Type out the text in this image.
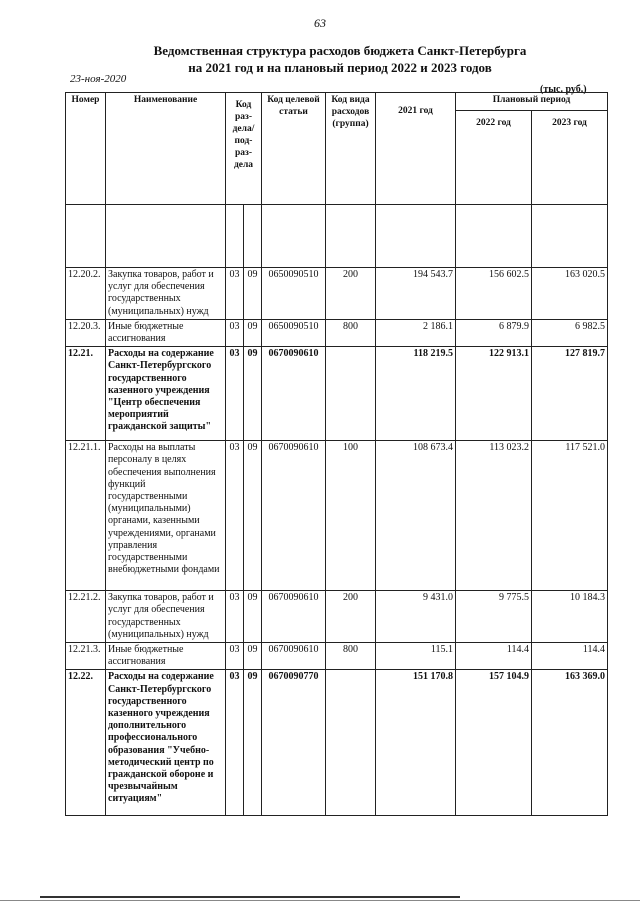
63
Ведомственная структура расходов бюджета Санкт-Петербурга
на 2021 год и на плановый период 2022 и 2023 годов
23-ноя-2020
(тыс. руб.)
Номер	Наименование	Код раз-дела/ под-раз-дела		Код целевой статьи	Код вида расходов (группа)	2021 год	Плановый период	
							2022 год	2023 год

12.20.2.	Закупка товаров, работ и услуг для обеспечения государственных (муниципальных) нужд	03	09	0650090510	200	194 543.7	156 602.5	163 020.5
12.20.3.	Иные бюджетные ассигнования	03	09	0650090510	800	2 186.1	6 879.9	6 982.5
12.21.	Расходы на содержание Санкт-Петербургского государственного казенного учреждения "Центр обеспечения мероприятий гражданской защиты"	03	09	0670090610		118 219.5	122 913.1	127 819.7
12.21.1.	Расходы на выплаты персоналу в целях обеспечения выполнения функций государственными (муниципальными) органами, казенными учреждениями, органами управления государственными внебюджетными фондами	03	09	0670090610	100	108 673.4	113 023.2	117 521.0
12.21.2.	Закупка товаров, работ и услуг для обеспечения государственных (муниципальных) нужд	03	09	0670090610	200	9 431.0	9 775.5	10 184.3
12.21.3.	Иные бюджетные ассигнования	03	09	0670090610	800	115.1	114.4	114.4
12.22.	Расходы на содержание Санкт-Петербургского государственного казенного учреждения дополнительного профессионального образования "Учебно-методический центр по гражданской обороне и чрезвычайным ситуациям"	03	09	0670090770		151 170.8	157 104.9	163 369.0
